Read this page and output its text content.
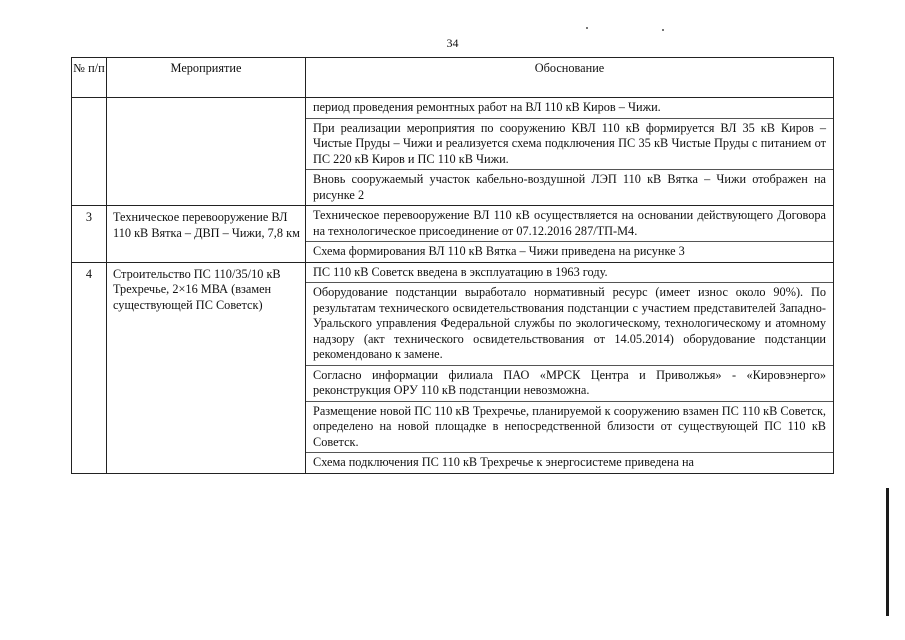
34
№ п/п	Мероприятие	Обоснование

		период проведения ремонтных работ на ВЛ 110 кВ Киров – Чижи.
При реализации мероприятия по сооружению КВЛ 110 кВ формируется ВЛ 35 кВ Киров – Чистые Пруды – Чижи и реализуется схема подключения ПС 35 кВ Чистые Пруды с питанием от ПС 220 кВ Киров и ПС 110 кВ Чижи.
Вновь сооружаемый участок кабельно-воздушной ЛЭП 110 кВ Вятка – Чижи отображен на рисунке 2

3	Техническое перевооружение ВЛ 110 кВ Вятка – ДВП – Чижи, 7,8 км	Техническое перевооружение ВЛ 110 кВ осуществляется на основании действующего Договора на технологическое присоединение от 07.12.2016 287/ТП-М4.
Схема формирования ВЛ 110 кВ Вятка – Чижи приведена на рисунке 3

4	Строительство ПС 110/35/10 кВ Трехречье, 2×16 МВА (взамен существующей ПС Советск)	ПС 110 кВ Советск введена в эксплуатацию в 1963 году.
Оборудование подстанции выработало нормативный ресурс (имеет износ около 90%). По результатам технического освидетельствования подстанции с участием представителей Западно-Уральского управления Федеральной службы по экологическому, технологическому и атомному надзору (акт технического освидетельствования от 14.05.2014) оборудование подстанции рекомендовано к замене.
Согласно информации филиала ПАО «МРСК Центра и Приволжья» - «Кировэнерго» реконструкция ОРУ 110 кВ подстанции невозможна.
Размещение новой ПС 110 кВ Трехречье, планируемой к сооружению взамен ПС 110 кВ Советск, определено на новой площадке в непосредственной близости от существующей ПС 110 кВ Советск.
Схема подключения ПС 110 кВ Трехречье к энергосистеме приведена на
